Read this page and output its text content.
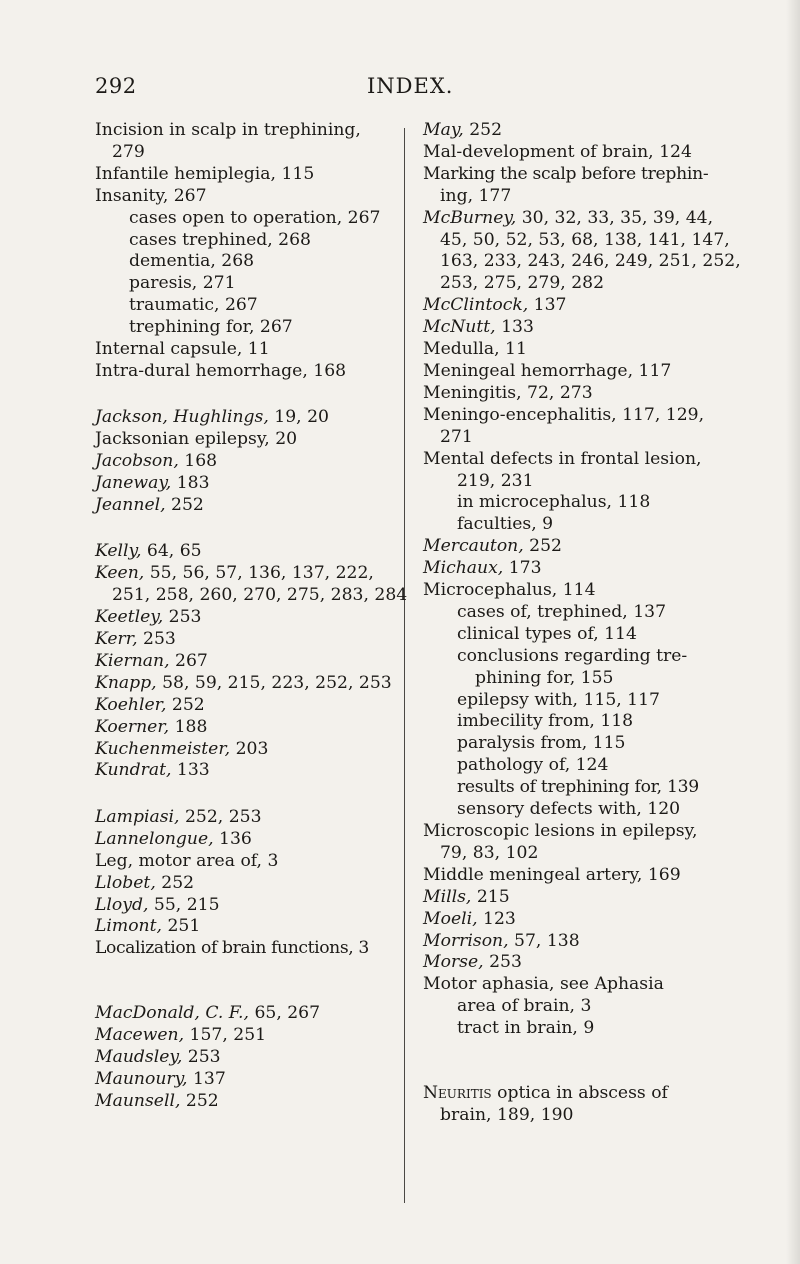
292	INDEX.
Incision in scalp in trephining,
279
Infantile hemiplegia, 115
Insanity, 267
cases open to operation, 267
cases trephined, 268
dementia, 268
paresis, 271
traumatic, 267
trephining for, 267
Internal capsule, 11
Intra-dural hemorrhage, 168
Jackson, Hughlings, 19, 20
Jacksonian epilepsy, 20
Jacobson, 168
Janeway, 183
Jeannel, 252
Kelly, 64, 65
Keen, 55, 56, 57, 136, 137, 222,
251, 258, 260, 270, 275, 283, 284
Keetley, 253
Kerr, 253
Kiernan, 267
Knapp, 58, 59, 215, 223, 252, 253
Koehler, 252
Koerner, 188
Kuchenmeister, 203
Kundrat, 133
Lampiasi, 252, 253
Lannelongue, 136
Leg, motor area of, 3
Llobet, 252
Lloyd, 55, 215
Limont, 251
Localization of brain functions, 3
MacDonald, C. F., 65, 267
Macewen, 157, 251
Maudsley, 253
Maunoury, 137
Maunsell, 252
May, 252
Mal-development of brain, 124
Marking the scalp before trephin-
ing, 177
McBurney, 30, 32, 33, 35, 39, 44,
45, 50, 52, 53, 68, 138, 141, 147,
163, 233, 243, 246, 249, 251, 252,
253, 275, 279, 282
McClintock, 137
McNutt, 133
Medulla, 11
Meningeal hemorrhage, 117
Meningitis, 72, 273
Meningo-encephalitis, 117, 129,
271
Mental defects in frontal lesion,
219, 231
in microcephalus, 118
faculties, 9
Mercauton, 252
Michaux, 173
Microcephalus, 114
cases of, trephined, 137
clinical types of, 114
conclusions regarding tre-
phining for, 155
epilepsy with, 115, 117
imbecility from, 118
paralysis from, 115
pathology of, 124
results of trephining for, 139
sensory defects with, 120
Microscopic lesions in epilepsy,
79, 83, 102
Middle meningeal artery, 169
Mills, 215
Moeli, 123
Morrison, 57, 138
Morse, 253
Motor aphasia, see Aphasia
area of brain, 3
tract in brain, 9
Neuritis optica in abscess of
brain, 189, 190
